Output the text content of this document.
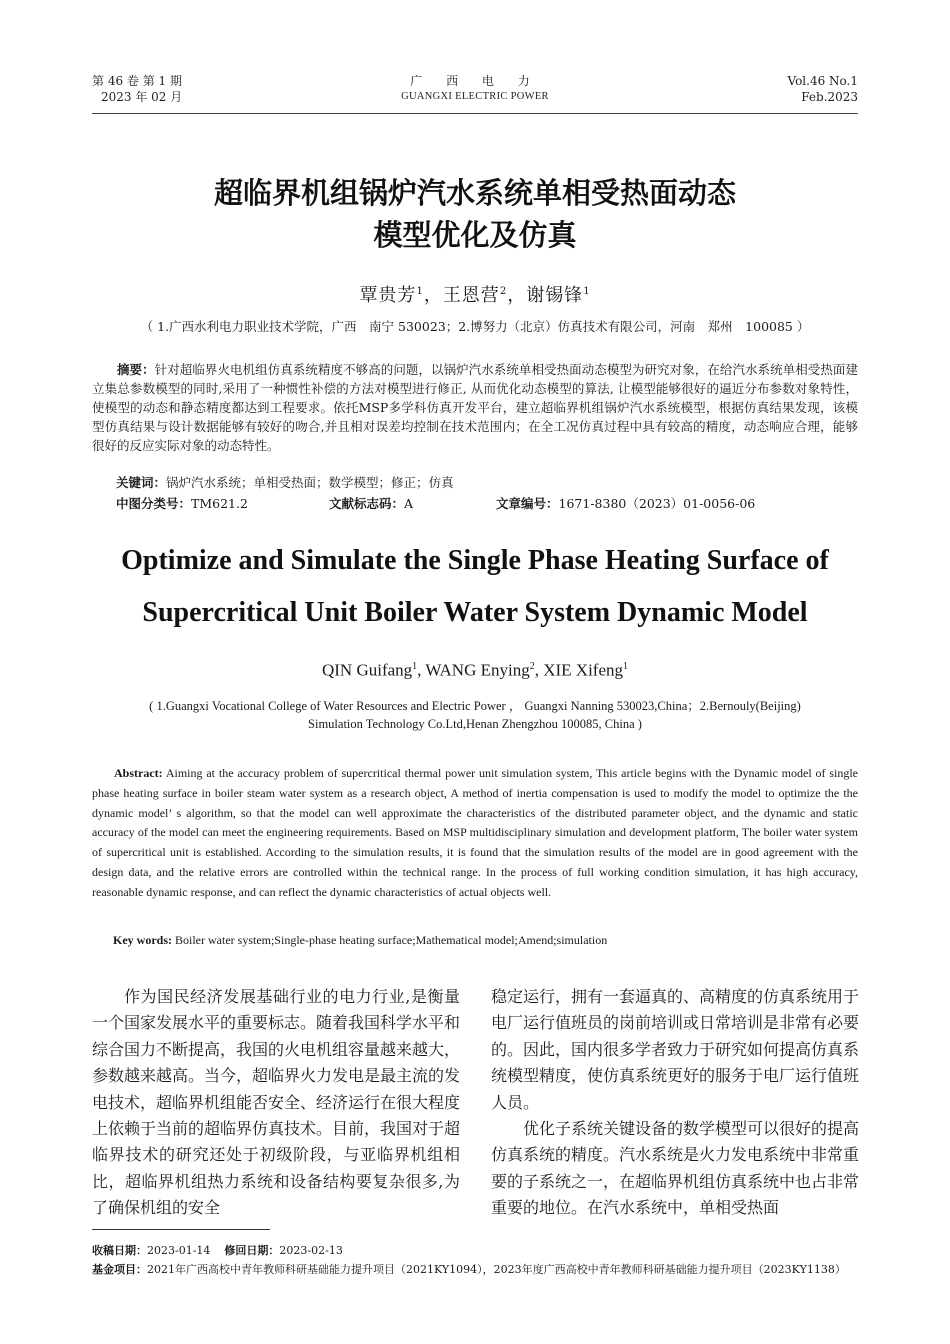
第 46 卷 第 1 期
2023 年 02 月
广 西 电 力
GUANGXI ELECTRIC POWER
Vol.46 No.1
Feb.2023
超临界机组锅炉汽水系统单相受热面动态
模型优化及仿真
覃贵芳$^1$，王恩营$^2$，谢锡锋$^1$
（ 1.广西水利电力职业技术学院，广西　南宁 530023；2.博努力（北京）仿真技术有限公司，河南　郑州　100085 ）
摘要：针对超临界火电机组仿真系统精度不够高的问题，以锅炉汽水系统单相受热面动态模型为研究对象，在给汽水系统单相受热面建立集总参数模型的同时,采用了一种惯性补偿的方法对模型进行修正, 从而优化动态模型的算法, 让模型能够很好的逼近分布参数对象特性，使模型的动态和静态精度都达到工程要求。依托MSP多学科仿真开发平台，建立超临界机组锅炉汽水系统模型，根据仿真结果发现，该模型仿真结果与设计数据能够有较好的吻合,并且相对误差均控制在技术范围内；在全工况仿真过程中具有较高的精度，动态响应合理，能够很好的反应实际对象的动态特性。
关键词：锅炉汽水系统；单相受热面；数学模型；修正；仿真
中图分类号：TM621.2	文献标志码：A	文章编号：1671-8380（2023）01-0056-06
Optimize and Simulate the Single Phase Heating Surface of
Supercritical Unit Boiler Water System Dynamic Model
QIN Guifang$^1$, WANG Enying$^2$, XIE Xifeng$^1$
( 1.Guangxi Vocational College of Water Resources and Electric Power ， Guangxi Nanning 530023,China；2.Bernouly(Beijing)
Simulation Technology Co.Ltd,Henan Zhengzhou 100085, China )
Abstract: Aiming at the accuracy problem of supercritical thermal power unit simulation system, This article begins with the Dynamic model of single phase heating surface in boiler steam water system as a research object, A method of inertia compensation is used to modify the model to optimize the the dynamic model’ s algorithm, so that the model can well approximate the characteristics of the distributed parameter object, and the dynamic and static accuracy of the model can meet the engineering requirements. Based on MSP multidisciplinary simulation and development platform, The boiler water system of supercritical unit is established. According to the simulation results, it is found that the simulation results of the model are in good agreement with the design data, and the relative errors are controlled within the technical range. In the process of full working condition simulation, it has high accuracy, reasonable dynamic response, and can reflect the dynamic characteristics of actual objects well.
Key words: Boiler water system;Single-phase heating surface;Mathematical model;Amend;simulation

作为国民经济发展基础行业的电力行业,是衡量一个国家发展水平的重要标志。随着我国科学水平和综合国力不断提高，我国的火电机组容量越来越大，参数越来越高。当今，超临界火力发电是最主流的发电技术，超临界机组能否安全、经济运行在很大程度上依赖于当前的超临界仿真技术。目前，我国对于超临界技术的研究还处于初级阶段，与亚临界机组相比，超临界机组热力系统和设备结构要复杂很多,为了确保机组的安全

稳定运行，拥有一套逼真的、高精度的仿真系统用于电厂运行值班员的岗前培训或日常培训是非常有必要的。因此，国内很多学者致力于研究如何提高仿真系统模型精度，使仿真系统更好的服务于电厂运行值班人员。

优化子系统关键设备的数学模型可以很好的提高仿真系统的精度。汽水系统是火力发电系统中非常重要的子系统之一，在超临界机组仿真系统中也占非常重要的地位。在汽水系统中，单相受热面

收稿日期：2023-01-14 修回日期：2023-02-13
基金项目：2021年广西高校中青年教师科研基础能力提升项目（2021KY1094），2023年度广西高校中青年教师科研基础能力提升项目（2023KY1138）
